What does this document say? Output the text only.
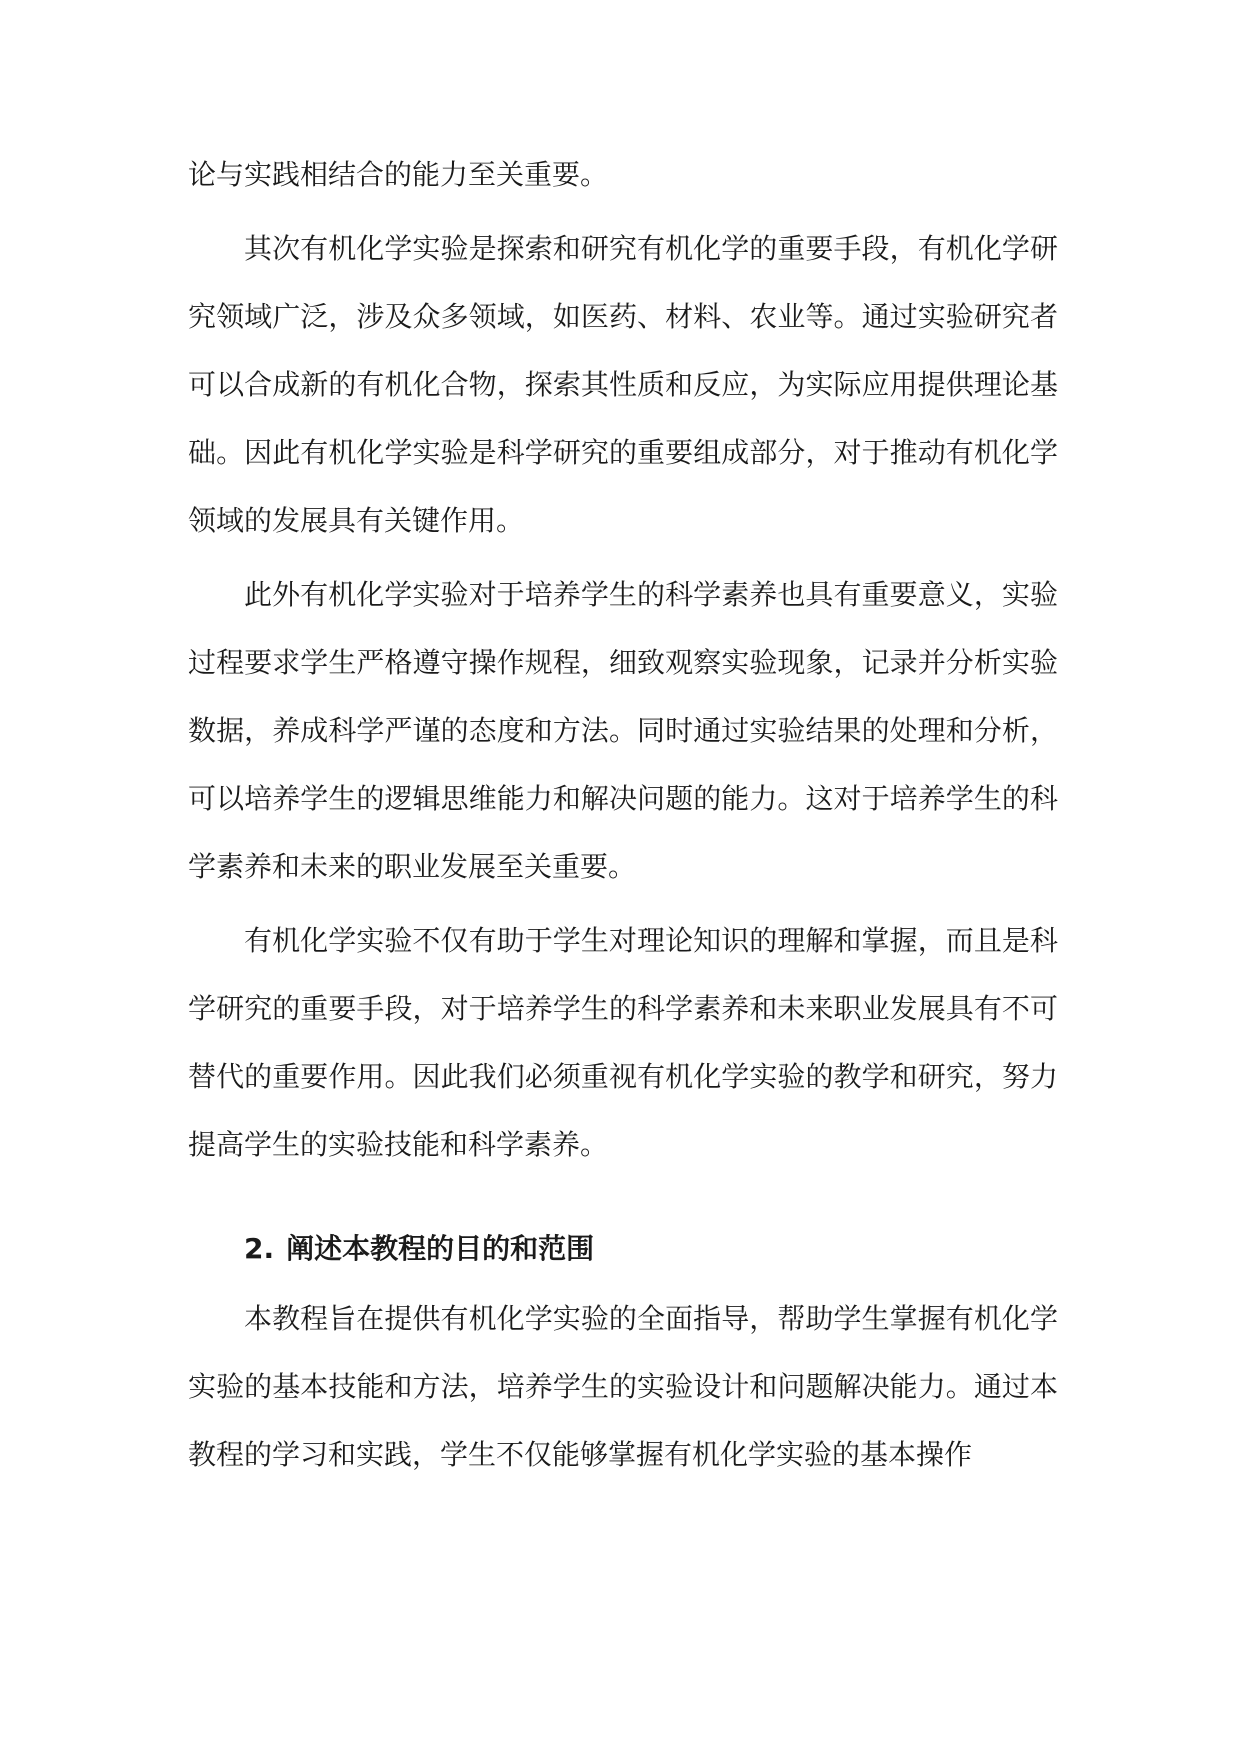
论与实践相结合的能力至关重要。

其次有机化学实验是探索和研究有机化学的重要手段，有机化学研究领域广泛，涉及众多领域，如医药、材料、农业等。通过实验研究者可以合成新的有机化合物，探索其性质和反应，为实际应用提供理论基础。因此有机化学实验是科学研究的重要组成部分，对于推动有机化学领域的发展具有关键作用。

此外有机化学实验对于培养学生的科学素养也具有重要意义，实验过程要求学生严格遵守操作规程，细致观察实验现象，记录并分析实验数据，养成科学严谨的态度和方法。同时通过实验结果的处理和分析，可以培养学生的逻辑思维能力和解决问题的能力。这对于培养学生的科学素养和未来的职业发展至关重要。

有机化学实验不仅有助于学生对理论知识的理解和掌握，而且是科学研究的重要手段，对于培养学生的科学素养和未来职业发展具有不可替代的重要作用。因此我们必须重视有机化学实验的教学和研究，努力提高学生的实验技能和科学素养。

2. 阐述本教程的目的和范围

本教程旨在提供有机化学实验的全面指导，帮助学生掌握有机化学实验的基本技能和方法，培养学生的实验设计和问题解决能力。通过本教程的学习和实践，学生不仅能够掌握有机化学实验的基本操作
